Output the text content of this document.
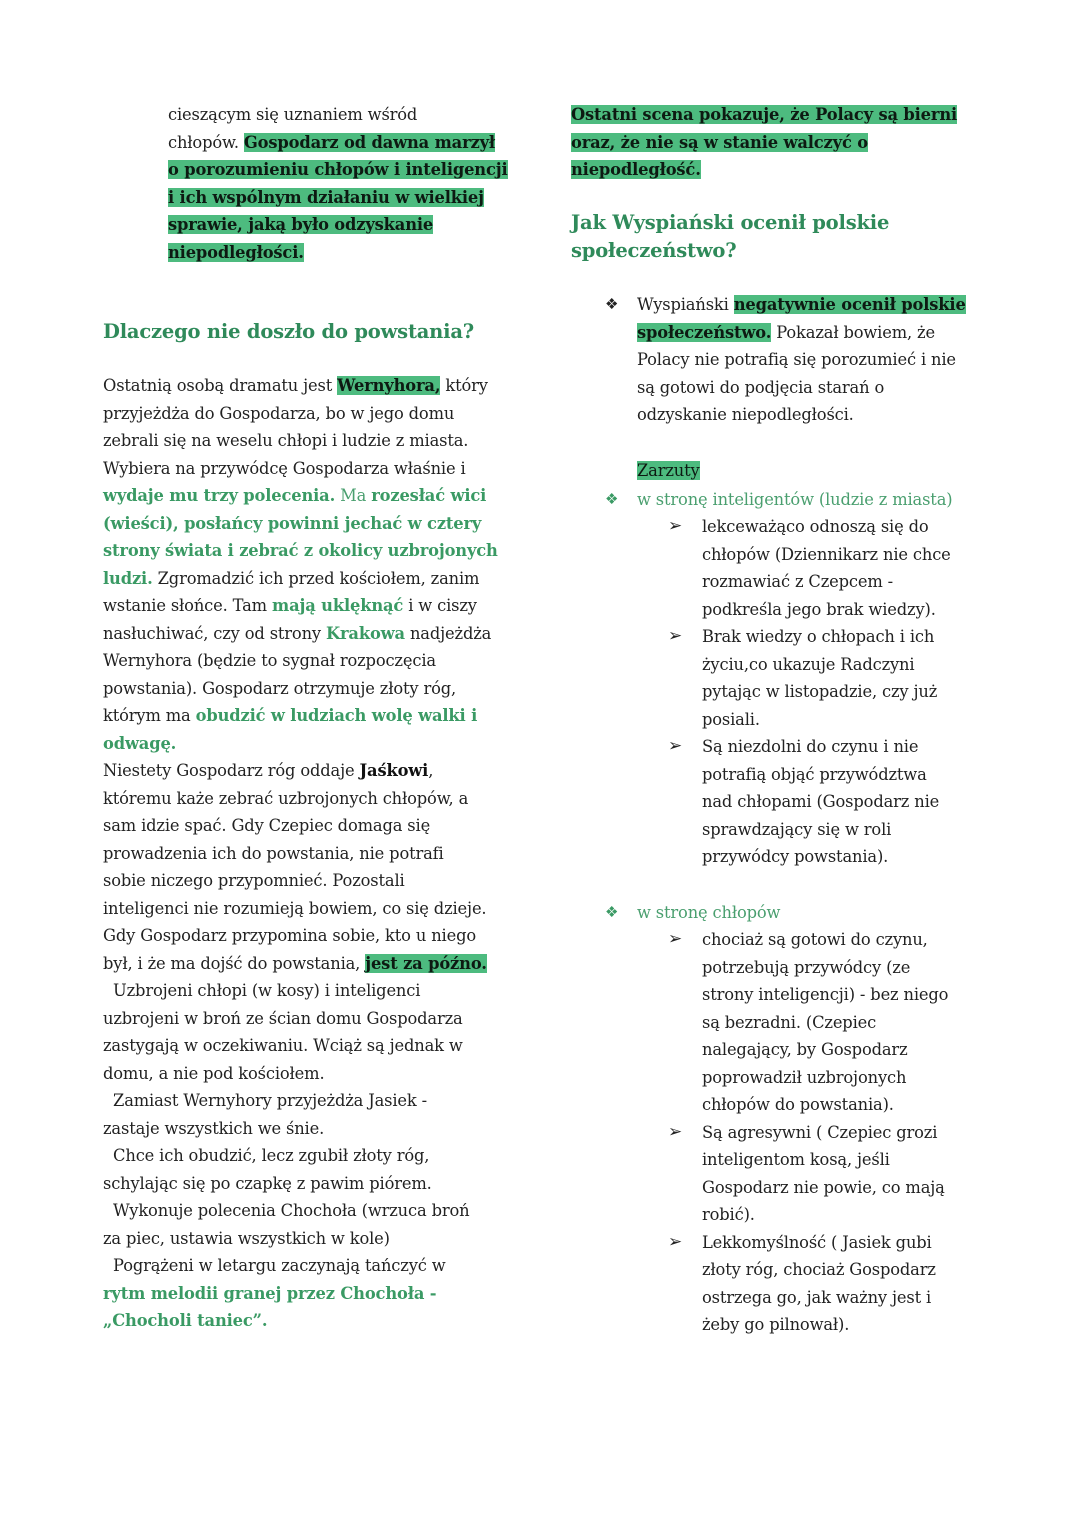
cieszącym się uznaniem wśród
chłopów. Gospodarz od dawna marzył
o porozumieniu chłopów i inteligencji
i ich wspólnym działaniu w wielkiej
sprawie, jaką było odzyskanie
niepodległości.
Dlaczego nie doszło do powstania?
Ostatnią osobą dramatu jest Wernyhora, który
przyjeżdża do Gospodarza, bo w jego domu
zebrali się na weselu chłopi i ludzie z miasta.
Wybiera na przywódcę Gospodarza właśnie i
wydaje mu trzy polecenia. Ma rozesłać wici
(wieści), posłańcy powinni jechać w cztery
strony świata i zebrać z okolicy uzbrojonych
ludzi. Zgromadzić ich przed kościołem, zanim
wstanie słońce. Tam mają uklęknąć i w ciszy
nasłuchiwać, czy od strony Krakowa nadjeżdża
Wernyhora (będzie to sygnał rozpoczęcia
powstania). Gospodarz otrzymuje złoty róg,
którym ma obudzić w ludziach wolę walki i
odwagę.
Niestety Gospodarz róg oddaje Jaśkowi,
któremu każe zebrać uzbrojonych chłopów, a
sam idzie spać. Gdy Czepiec domaga się
prowadzenia ich do powstania, nie potrafi
sobie niczego przypomnieć. Pozostali
inteligenci nie rozumieją bowiem, co się dzieje.
Gdy Gospodarz przypomina sobie, kto u niego
był, i że ma dojść do powstania, jest za późno.
Uzbrojeni chłopi (w kosy) i inteligenci
uzbrojeni w broń ze ścian domu Gospodarza
zastygają w oczekiwaniu. Wciąż są jednak w
domu, a nie pod kościołem.
Zamiast Wernyhory przyjeżdża Jasiek -
zastaje wszystkich we śnie.
Chce ich obudzić, lecz zgubił złoty róg,
schylając się po czapkę z pawim piórem.
Wykonuje polecenia Chochoła (wrzuca broń
za piec, ustawia wszystkich w kole)
Pogrążeni w letargu zaczynają tańczyć w
rytm melodii granej przez Chochoła -
„Chocholi taniec”.
Ostatni scena pokazuje, że Polacy są bierni
oraz, że nie są w stanie walczyć o
niepodległość.
Jak Wyspiański ocenił polskie
społeczeństwo?
❖ Wyspiański negatywnie ocenił polskie
społeczeństwo. Pokazał bowiem, że
Polacy nie potrafią się porozumieć i nie
są gotowi do podjęcia starań o
odzyskanie niepodległości.
Zarzuty
❖ w stronę inteligentów (ludzie z miasta)
➢ lekceważąco odnoszą się do
chłopów (Dziennikarz nie chce
rozmawiać z Czepcem -
podkreśla jego brak wiedzy).
➢ Brak wiedzy o chłopach i ich
życiu,co ukazuje Radczyni
pytając w listopadzie, czy już
posiali.
➢ Są niezdolni do czynu i nie
potrafią objąć przywództwa
nad chłopami (Gospodarz nie
sprawdzający się w roli
przywódcy powstania).
❖ w stronę chłopów
➢ chociaż są gotowi do czynu,
potrzebują przywódcy (ze
strony inteligencji) - bez niego
są bezradni. (Czepiec
nalegający, by Gospodarz
poprowadził uzbrojonych
chłopów do powstania).
➢ Są agresywni ( Czepiec grozi
inteligentom kosą, jeśli
Gospodarz nie powie, co mają
robić).
➢ Lekkomyślność ( Jasiek gubi
złoty róg, chociaż Gospodarz
ostrzega go, jak ważny jest i
żeby go pilnował).
